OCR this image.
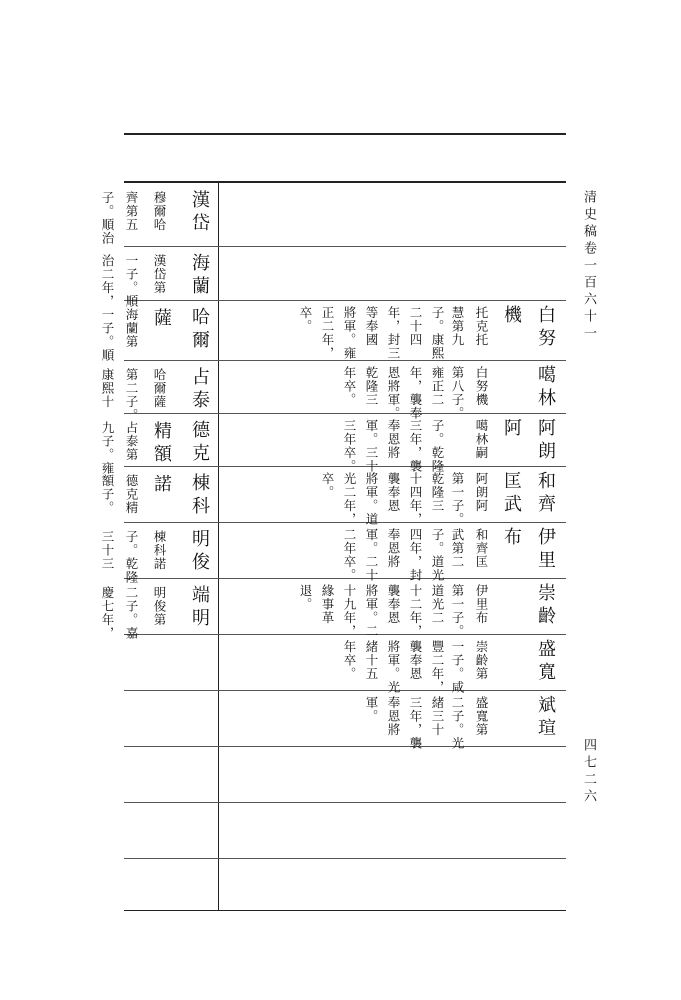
清史稿卷一百六十一
四七二六
白努
機
托克托
慧第九
子。康熙
二十四
年，封三
等奉國
將軍。雍
正二年，
卒。
噶林
白努機
第八子。
雍正二
年，襲奉
恩將軍。
乾隆三
年卒。
阿朗
阿
噶林嗣
子。乾隆
三年，襲
奉恩將
軍。三十
三年卒。
和齊
匡武
阿朗阿
第一子。
乾隆三
十四年，
襲奉恩
將軍。道
光二年，
卒。
伊里
布
和齊匡
武第二
子。道光
四年，封
奉恩將
軍。二十
二年卒。
崇齡
伊里布
第一子。
道光二
十二年，
襲奉恩
將軍。二
十九年，
緣事革
退。
盛寬
崇齡第
一子。咸
豐二年，
襲奉恩
將軍。光
緒十五
年卒。
斌瑄
盛寬第
二子。光
緒三十
三年，襲
奉恩將
軍。
漢岱
穆爾哈
齊第五
子。順治
海蘭
漢岱第
一子。順
治二年，
哈爾
薩
海蘭第
一子。順
占泰
哈爾薩
第二子。
康熙十
德克
精額
占泰第
九子。雍
棟科
諾
德克精
額子。
明俊
棟科諾
子。乾隆
三十三
端明
明俊第
二子。嘉
慶七年，
